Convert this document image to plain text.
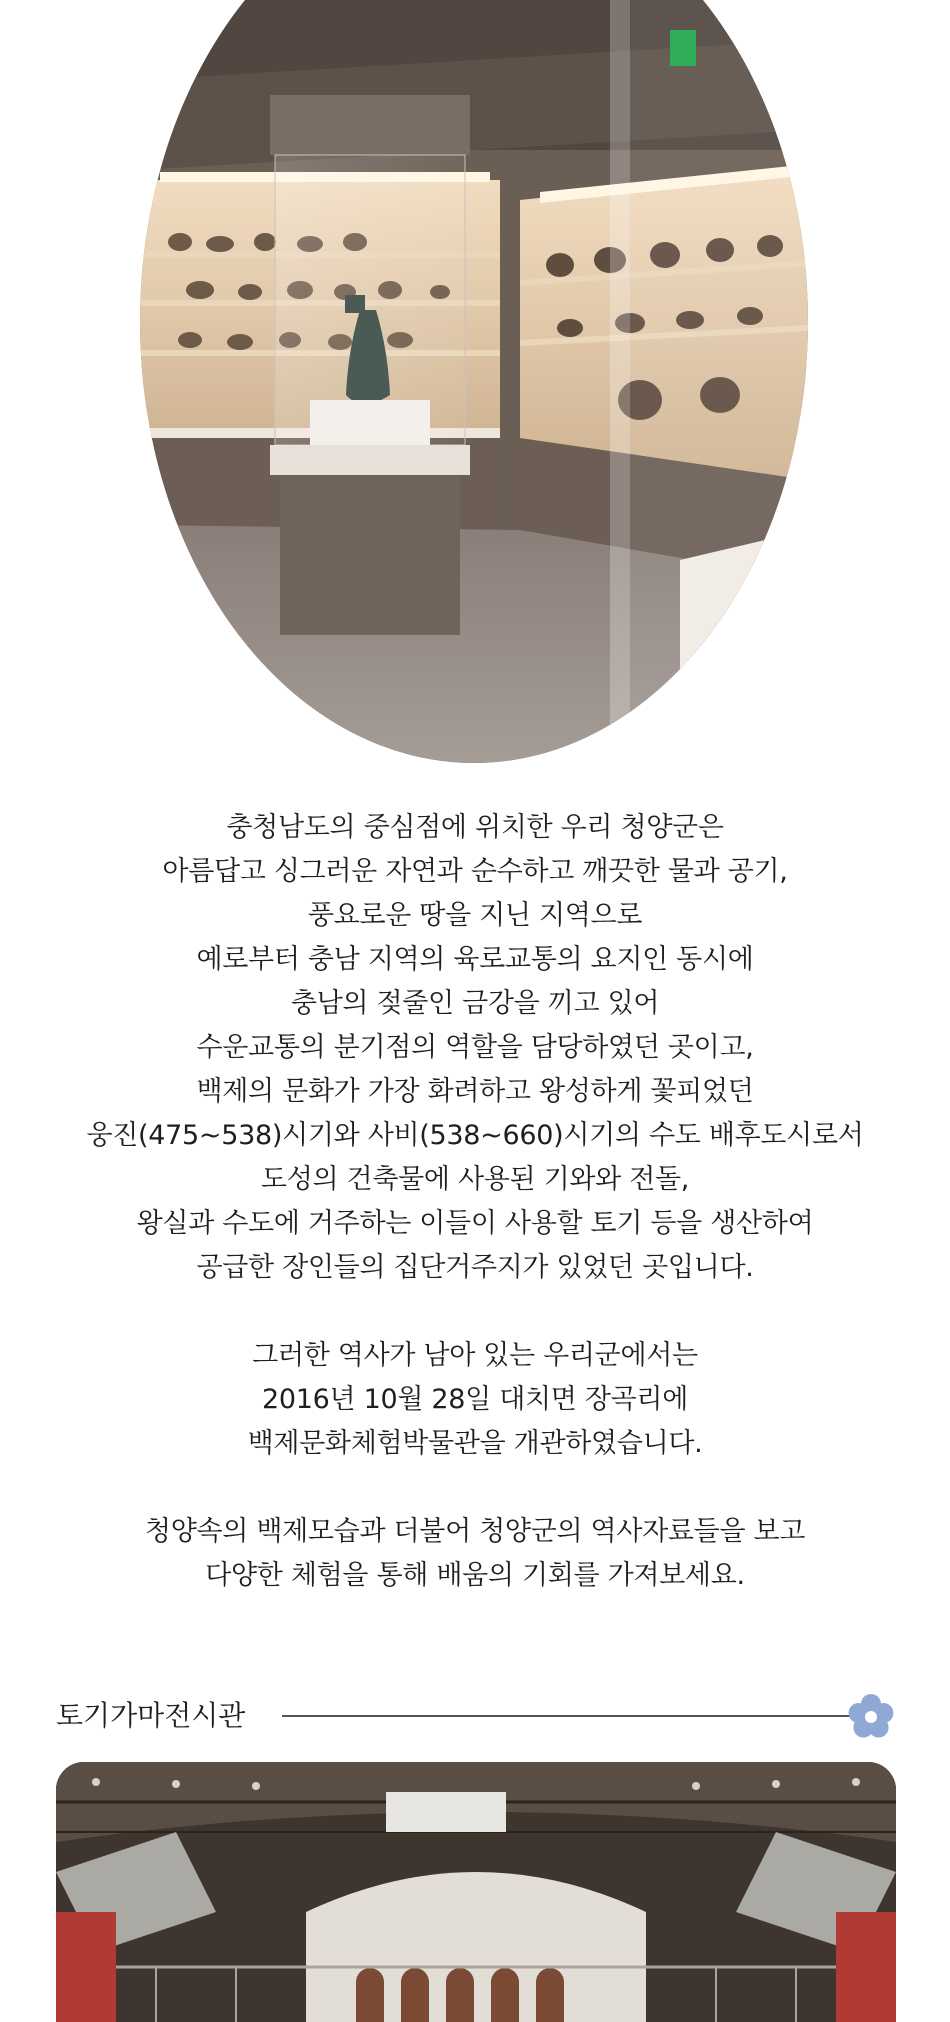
충청남도의 중심점에 위치한 우리 청양군은
아름답고 싱그러운 자연과 순수하고 깨끗한 물과 공기,
풍요로운 땅을 지닌 지역으로
예로부터 충남 지역의 육로교통의 요지인 동시에
충남의 젖줄인 금강을 끼고 있어
수운교통의 분기점의 역할을 담당하였던 곳이고,
백제의 문화가 가장 화려하고 왕성하게 꽃피었던
웅진(475~538)시기와 사비(538~660)시기의 수도 배후도시로서
도성의 건축물에 사용된 기와와 전돌,
왕실과 수도에 거주하는 이들이 사용할 토기 등을 생산하여
공급한 장인들의 집단거주지가 있었던 곳입니다.

그러한 역사가 남아 있는 우리군에서는
2016년 10월 28일 대치면 장곡리에
백제문화체험박물관을 개관하였습니다.

청양속의 백제모습과 더불어 청양군의 역사자료들을 보고
다양한 체험을 통해 배움의 기회를 가져보세요.

토기가마전시관
